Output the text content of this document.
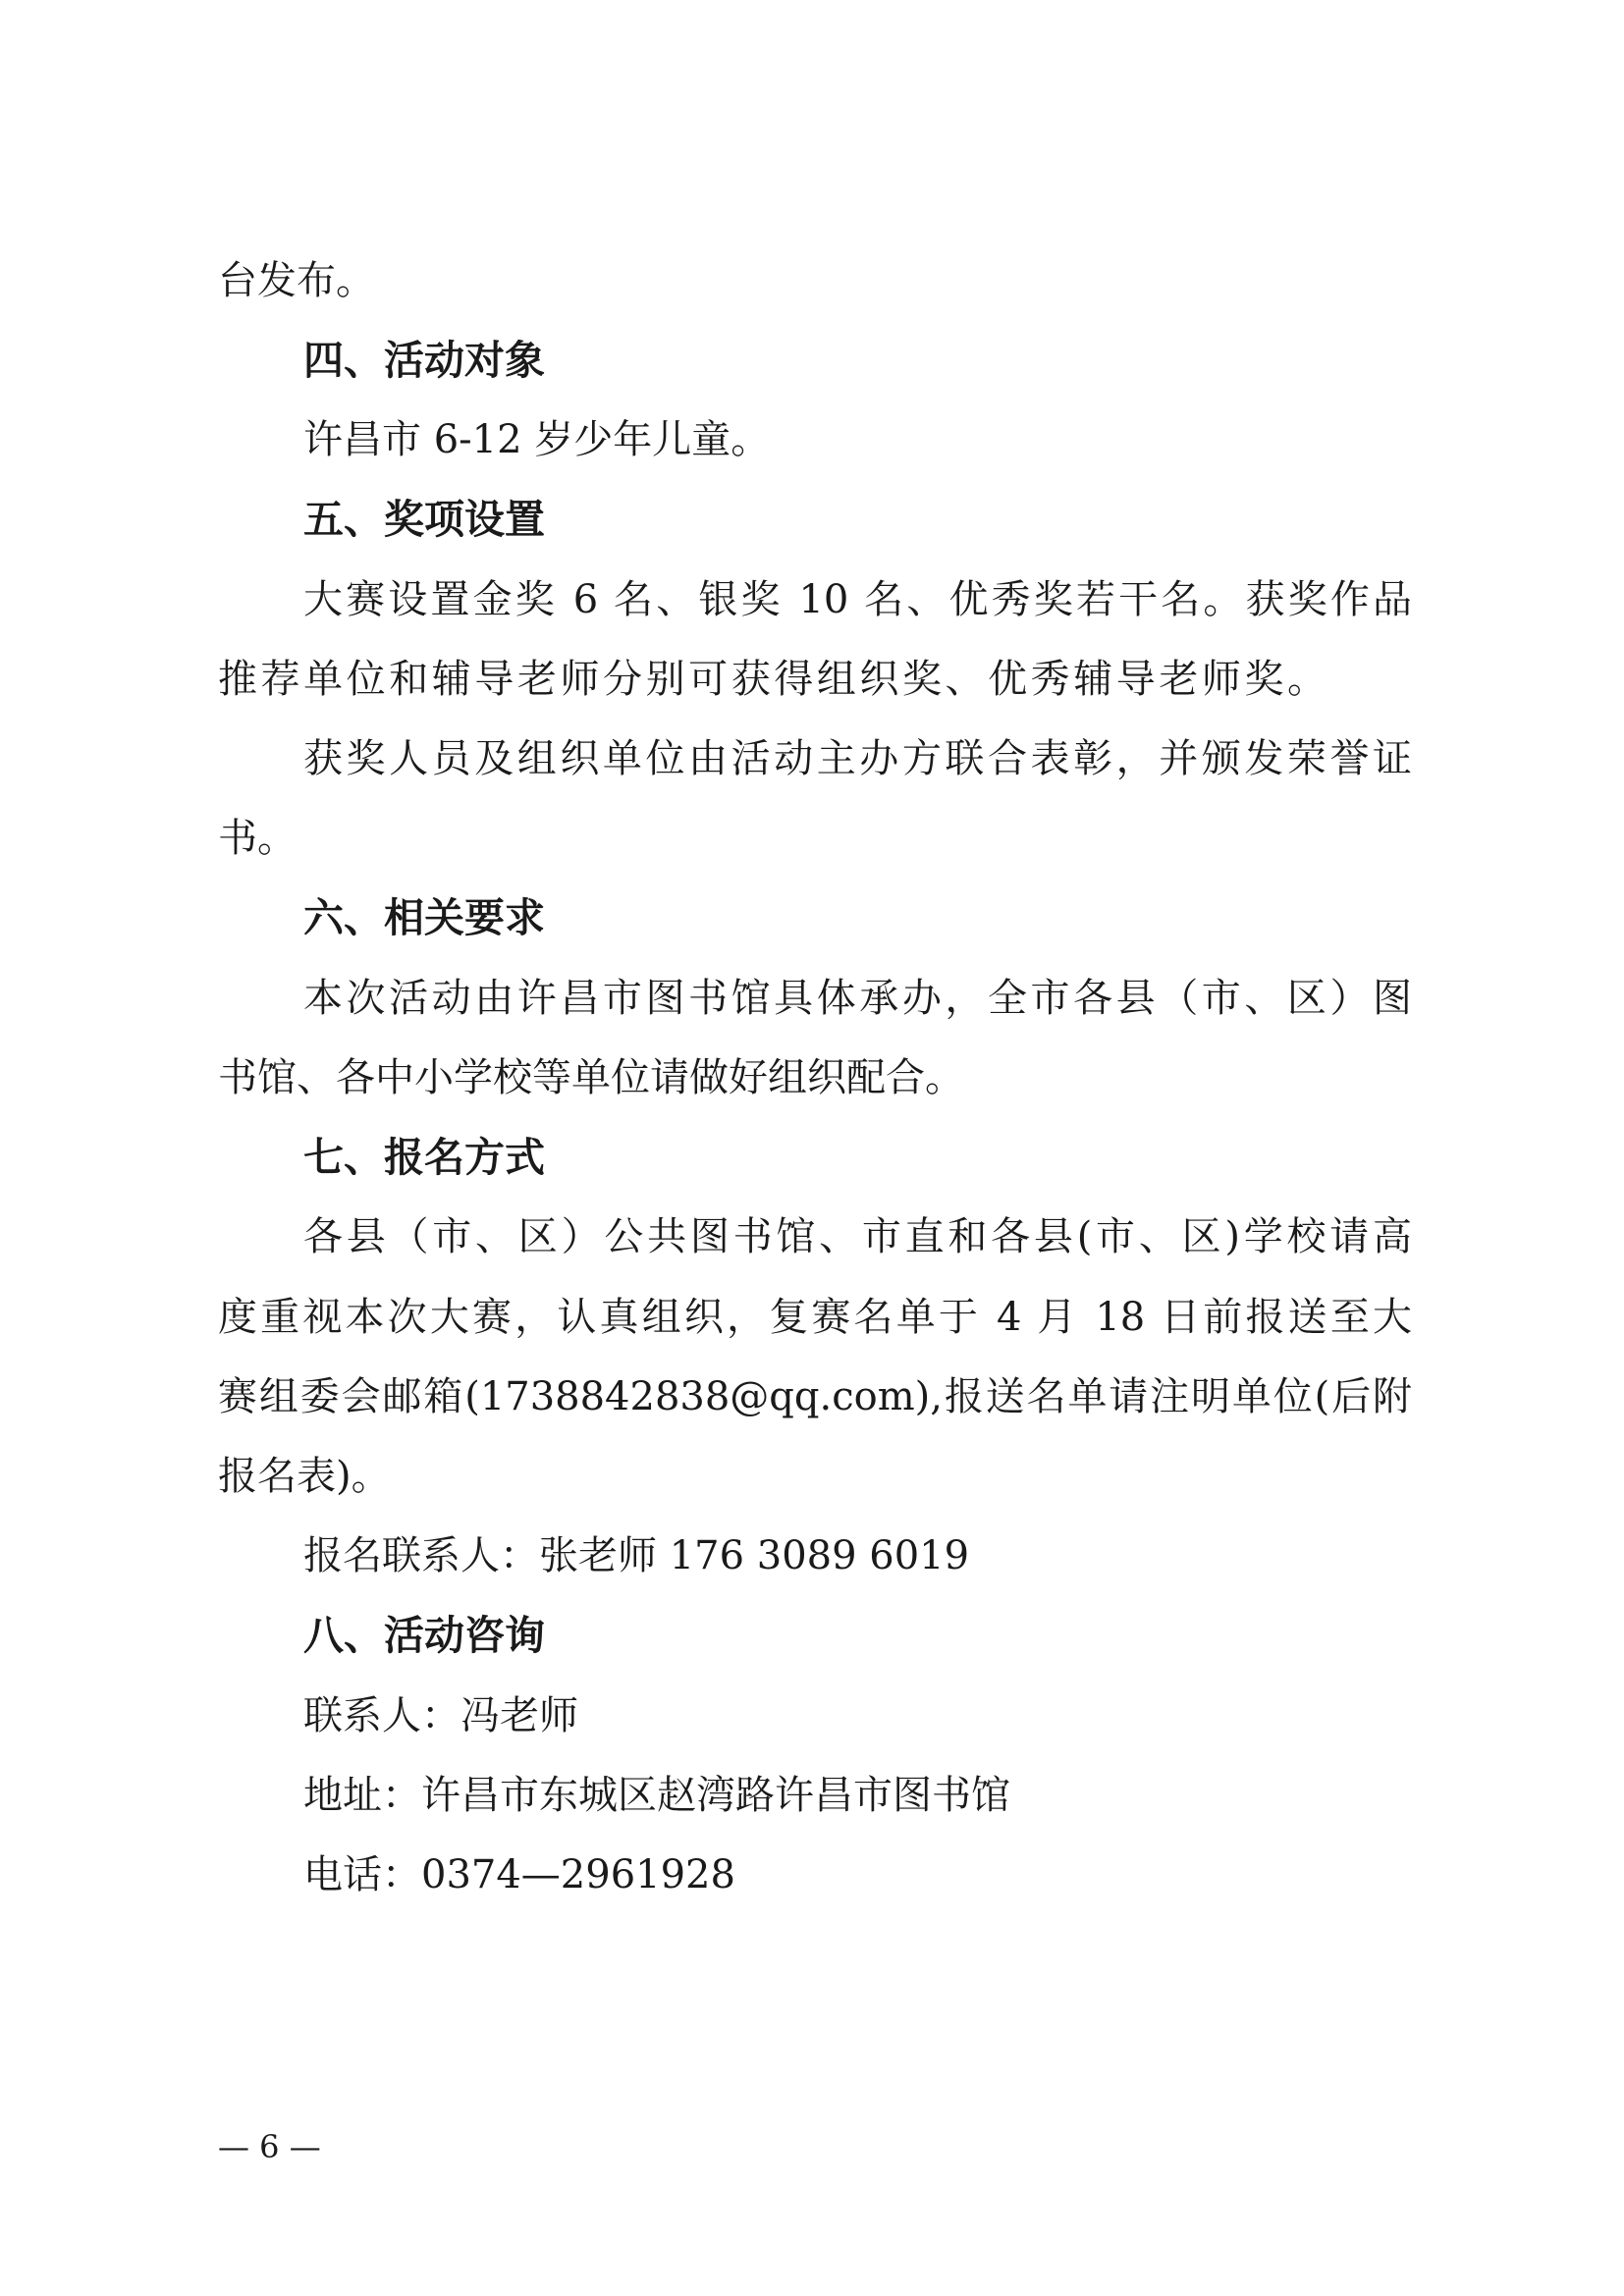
台发布。
四、活动对象
许昌市 6-12 岁少年儿童。
五、奖项设置
大赛设置金奖 6 名、银奖 10 名、优秀奖若干名。获奖作品
推荐单位和辅导老师分别可获得组织奖、优秀辅导老师奖。
获奖人员及组织单位由活动主办方联合表彰，并颁发荣誉证
书。
六、相关要求
本次活动由许昌市图书馆具体承办，全市各县（市、区）图
书馆、各中小学校等单位请做好组织配合。
七、报名方式
各县（市、区）公共图书馆、市直和各县(市、区)学校请高
度重视本次大赛，认真组织，复赛名单于 4 月 18 日前报送至大
赛组委会邮箱(1738842838@qq.com),报送名单请注明单位(后附
报名表)。
报名联系人：张老师 176 3089 6019
八、活动咨询
联系人：冯老师
地址：许昌市东城区赵湾路许昌市图书馆
电话：0374—2961928
— 6 —
